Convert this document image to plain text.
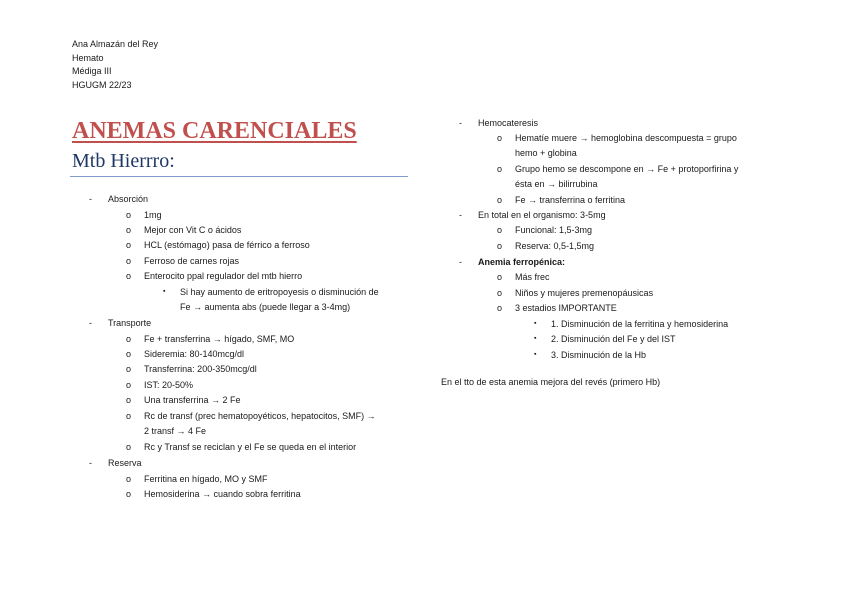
Ana Almazán del Rey
Hemato
Médiga III
HGUGM 22/23
ANEMAS CARENCIALES
Mtb Hierrro:
- Absorción
o 1mg
o Mejor con Vit C o ácidos
o HCL (estómago) pasa de férrico a ferroso
o Ferroso de carnes rojas
o Enterocito ppal regulador del mtb hierro
▪ Si hay aumento de eritropoyesis o disminución de
Fe → aumenta abs (puede llegar a 3-4mg)
- Transporte
o Fe + transferrina → hígado, SMF, MO
o Sideremia: 80-140mcg/dl
o Transferrina: 200-350mcg/dl
o IST: 20-50%
o Una transferrina → 2 Fe
o Rc de transf (prec hematopoyéticos, hepatocitos, SMF) →
2 transf → 4 Fe
o Rc y Transf se reciclan y el Fe se queda en el interior
- Reserva
o Ferritina en hígado, MO y SMF
o Hemosiderina → cuando sobra ferritina
- Hemocateresis
o Hematíe muere → hemoglobina descompuesta = grupo
hemo + globina
o Grupo hemo se descompone en → Fe + protoporfirina y
ésta en → bilirrubina
o Fe → transferrina o ferritina
- En total en el organismo: 3-5mg
o Funcional: 1,5-3mg
o Reserva: 0,5-1,5mg
- Anemia ferropénica:
o Más frec
o Niños y mujeres premenopáusicas
o 3 estadios IMPORTANTE
▪ 1. Disminución de la ferritina y hemosiderina
▪ 2. Disminución del Fe y del IST
▪ 3. Disminución de la Hb
En el tto de esta anemia mejora del revés (primero Hb)
